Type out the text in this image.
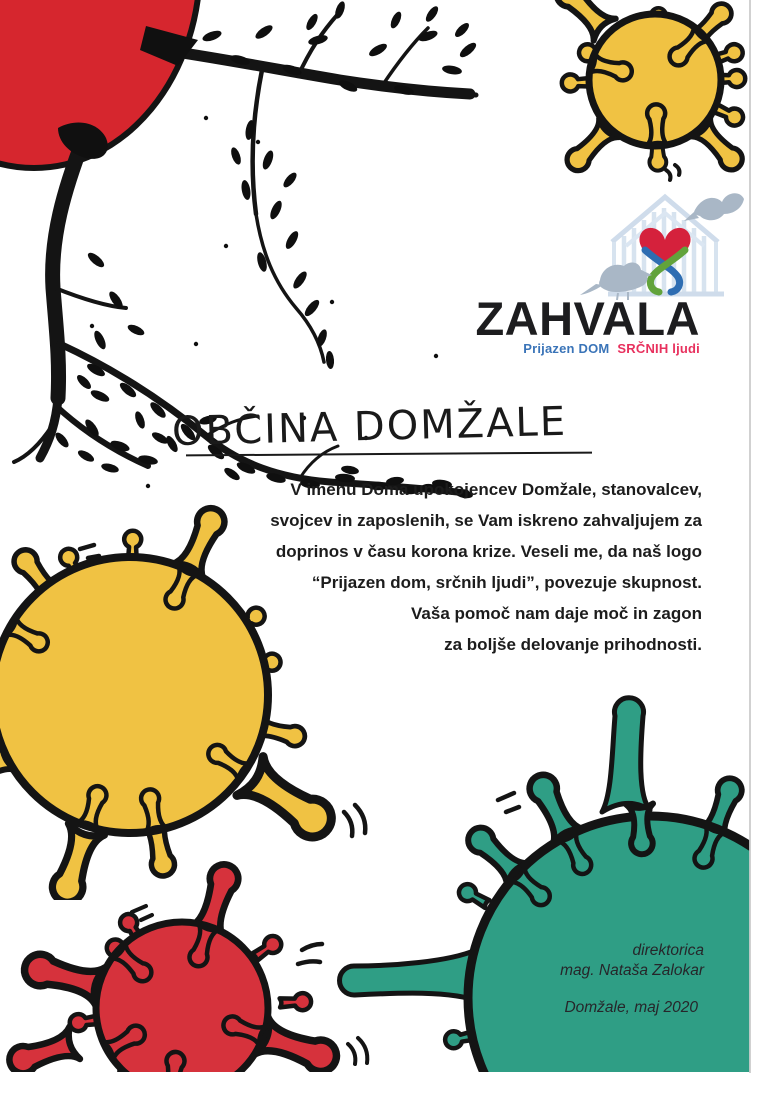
ZAHVALA
Prijazen DOM SRČNIH ljudi
OBČINA DOMŽALE
V imenu Doma upokojencev Domžale, stanovalcev,
svojcev in zaposlenih, se Vam iskreno zahvaljujem za
doprinos v času korona krize. Veseli me, da naš logo
“Prijazen dom, srčnih ljudi”, povezuje skupnost.
Vaša pomoč nam daje moč in zagon
za boljše delovanje prihodnosti.
direktorica
mag. Nataša Zalokar
Domžale, maj 2020
